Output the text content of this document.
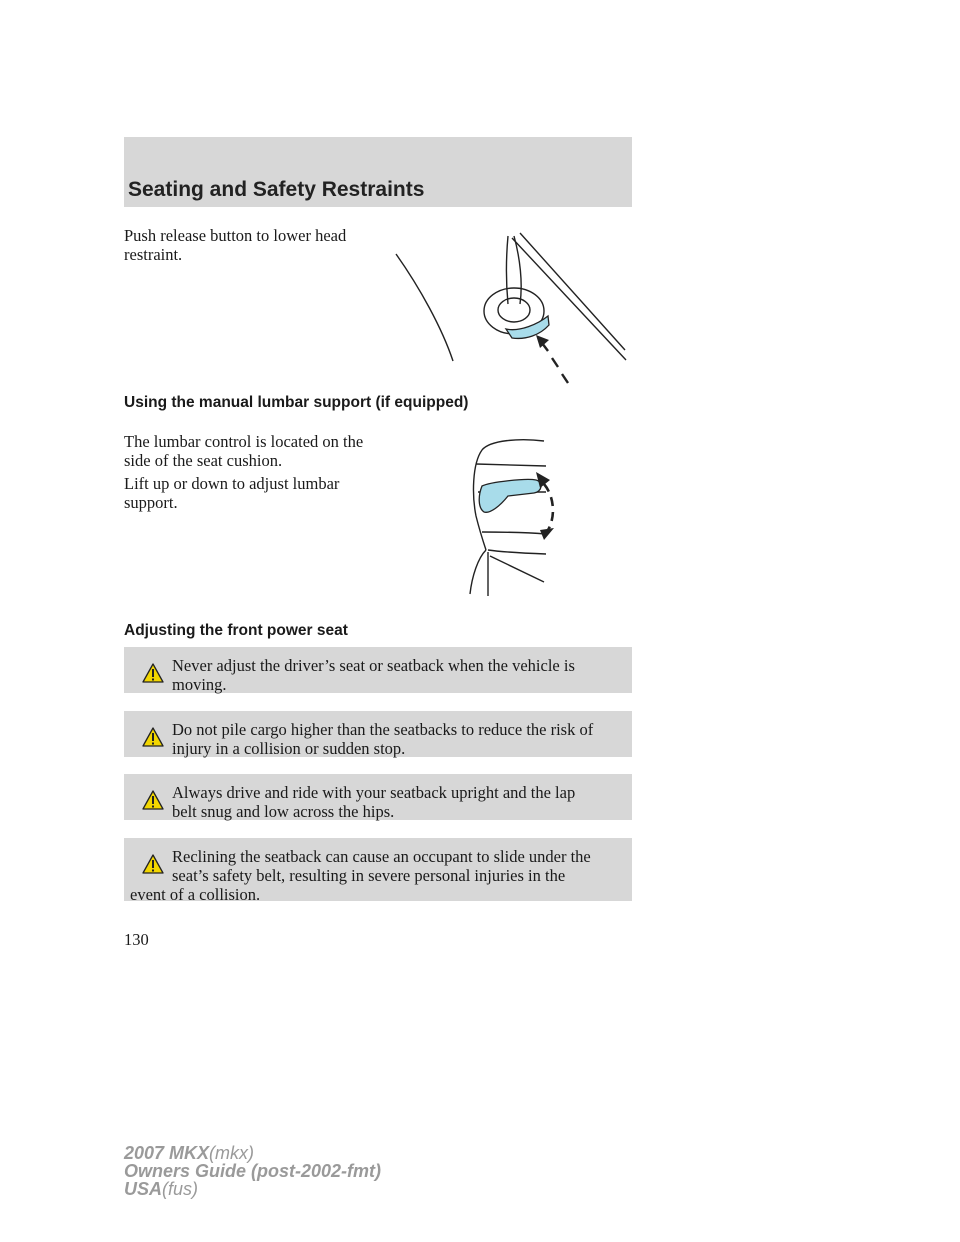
Seating and Safety Restraints
Push release button to lower head
restraint.
Using the manual lumbar support (if equipped)
The lumbar control is located on the
side of the seat cushion.
Lift up or down to adjust lumbar
support.
Adjusting the front power seat
Never adjust the driver’s seat or seatback when the vehicle is
moving.
Do not pile cargo higher than the seatbacks to reduce the risk of
injury in a collision or sudden stop.
Always drive and ride with your seatback upright and the lap
belt snug and low across the hips.
Reclining the seatback can cause an occupant to slide under the
seat’s safety belt, resulting in severe personal injuries in the
event of a collision.
130
2007 MKX(mkx)
Owners Guide (post-2002-fmt)
USA(fus)
